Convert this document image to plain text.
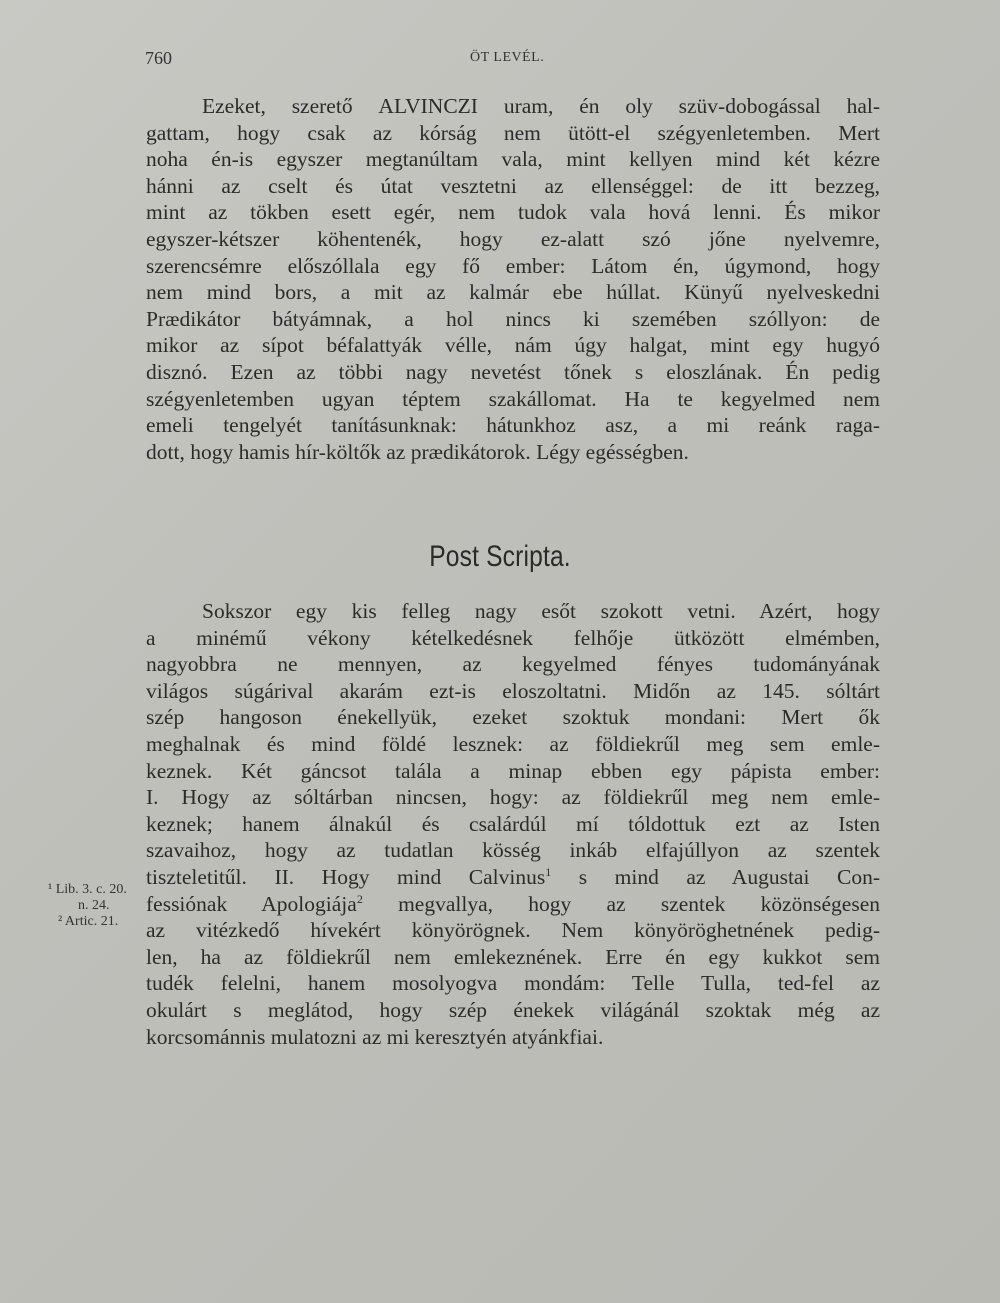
760	ÖT LEVÉL.
Ezeket, szerető ALVINCZI uram, én oly szüv-dobogással hal-
gattam, hogy csak az kórság nem ütött-el szégyenletemben. Mert
noha én-is egyszer megtanúltam vala, mint kellyen mind két kézre
hánni az cselt és útat vesztetni az ellenséggel: de itt bezzeg,
mint az tökben esett egér, nem tudok vala hová lenni. És mikor
egyszer-kétszer köhentenék, hogy ez-alatt szó jőne nyelvemre,
szerencsémre előszóllala egy fő ember: Látom én, úgymond, hogy
nem mind bors, a mit az kalmár ebe húllat. Künyű nyelveskedni
Prædikátor bátyámnak, a hol nincs ki szemében szóllyon: de
mikor az sípot béfalattyák vélle, nám úgy halgat, mint egy hugyó
disznó. Ezen az többi nagy nevetést tőnek s eloszlának. Én pedig
szégyenletemben ugyan téptem szakállomat. Ha te kegyelmed nem
emeli tengelyét tanításunknak: hátunkhoz asz, a mi reánk raga-
dott, hogy hamis hír-költők az prædikátorok. Légy egésségben.
Post Scripta.
Sokszor egy kis felleg nagy esőt szokott vetni. Azért, hogy
a minémű vékony kételkedésnek felhője ütközött elmémben,
nagyobbra ne mennyen, az kegyelmed fényes tudományának
világos súgárival akarám ezt-is eloszoltatni. Midőn az 145. sóltárt
szép hangoson énekellyük, ezeket szoktuk mondani: Mert ők
meghalnak és mind földé lesznek: az földiekrűl meg sem emle-
keznek. Két gáncsot talála a minap ebben egy pápista ember:
I. Hogy az sóltárban nincsen, hogy: az földiekrűl meg nem emle-
keznek; hanem álnakúl és csalárdúl mí tóldottuk ezt az Isten
szavaihoz, hogy az tudatlan kösség inkáb elfajúllyon az szentek
tiszteletitűl. II. Hogy mind Calvinus$^1$ s mind az Augustai Con-
fessiónak Apologiája$^2$ megvallya, hogy az szentek közönségesen
az vitézkedő hívekért könyörögnek. Nem könyöröghetnének pedig-
len, ha az földiekrűl nem emlekeznének. Erre én egy kukkot sem
tudék felelni, hanem mosolyogva mondám: Telle Tulla, ted-fel az
okulárt s meglátod, hogy szép énekek világánál szoktak még az
korcsománnis mulatozni az mi keresztyén atyánkfiai.
¹ Lib. 3. c. 20.
n. 24.
² Artic. 21.
